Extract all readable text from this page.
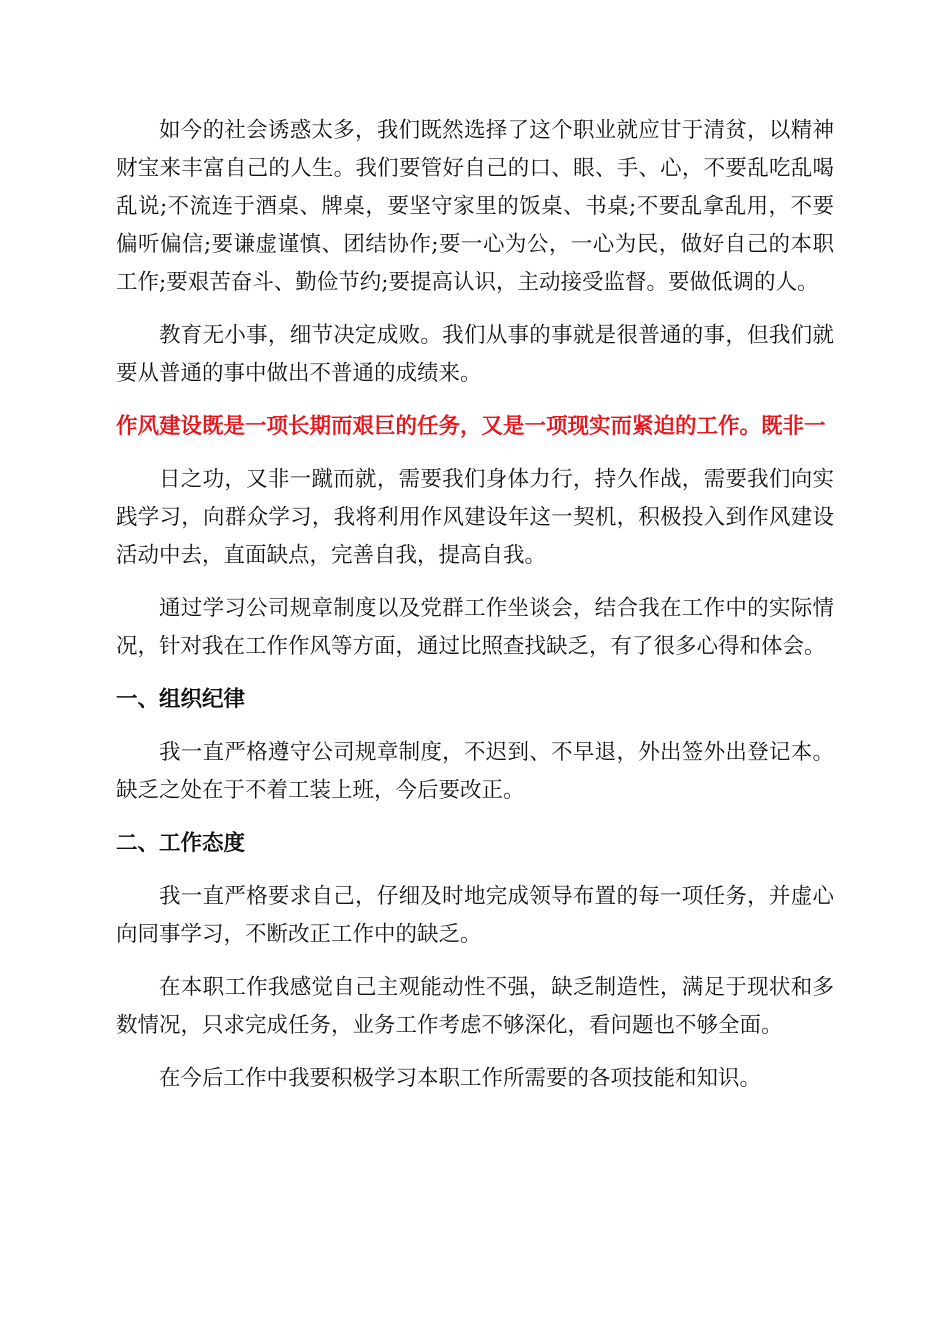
如今的社会诱惑太多，我们既然选择了这个职业就应甘于清贫，以精神财宝来丰富自己的人生。我们要管好自己的口、眼、手、心，不要乱吃乱喝乱说;不流连于酒桌、牌桌，要坚守家里的饭桌、书桌;不要乱拿乱用，不要偏听偏信;要谦虚谨慎、团结协作;要一心为公，一心为民，做好自己的本职工作;要艰苦奋斗、勤俭节约;要提高认识，主动接受监督。要做低调的人。

教育无小事，细节决定成败。我们从事的事就是很普通的事，但我们就要从普通的事中做出不普通的成绩来。

作风建设既是一项长期而艰巨的任务，又是一项现实而紧迫的工作。既非一

日之功，又非一蹴而就，需要我们身体力行，持久作战，需要我们向实践学习，向群众学习，我将利用作风建设年这一契机，积极投入到作风建设活动中去，直面缺点，完善自我，提高自我。

通过学习公司规章制度以及党群工作坐谈会，结合我在工作中的实际情况，针对我在工作作风等方面，通过比照查找缺乏，有了很多心得和体会。

一、组织纪律

我一直严格遵守公司规章制度，不迟到、不早退，外出签外出登记本。缺乏之处在于不着工装上班，今后要改正。

二、工作态度

我一直严格要求自己，仔细及时地完成领导布置的每一项任务，并虚心向同事学习，不断改正工作中的缺乏。

在本职工作我感觉自己主观能动性不强，缺乏制造性，满足于现状和多数情况，只求完成任务，业务工作考虑不够深化，看问题也不够全面。

在今后工作中我要积极学习本职工作所需要的各项技能和知识。
